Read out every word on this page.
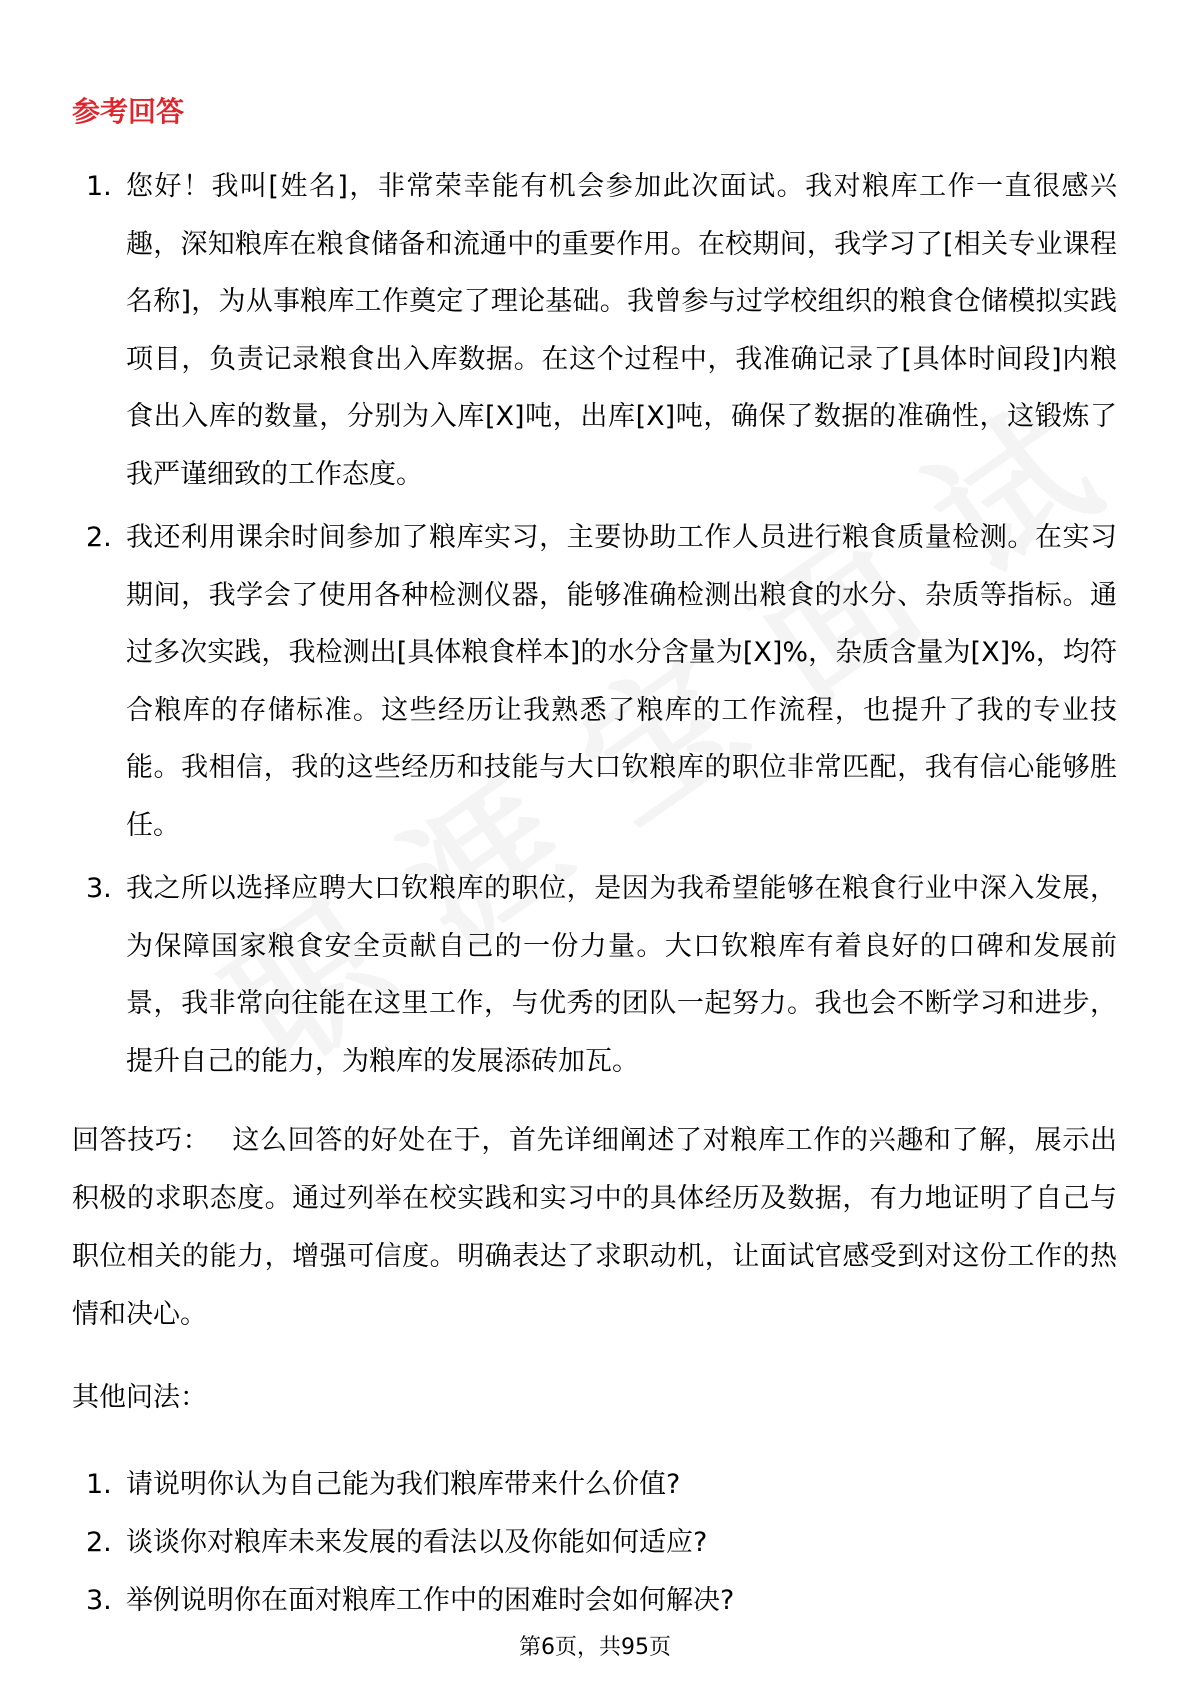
参考回答
1. 您好！我叫[姓名]，非常荣幸能有机会参加此次面试。我对粮库工作一直很感兴趣，深知粮库在粮食储备和流通中的重要作用。在校期间，我学习了[相关专业课程名称]，为从事粮库工作奠定了理论基础。我曾参与过学校组织的粮食仓储模拟实践项目，负责记录粮食出入库数据。在这个过程中，我准确记录了[具体时间段]内粮食出入库的数量，分别为入库[X]吨，出库[X]吨，确保了数据的准确性，这锻炼了我严谨细致的工作态度。
2. 我还利用课余时间参加了粮库实习，主要协助工作人员进行粮食质量检测。在实习期间，我学会了使用各种检测仪器，能够准确检测出粮食的水分、杂质等指标。通过多次实践，我检测出[具体粮食样本]的水分含量为[X]%，杂质含量为[X]%，均符合粮库的存储标准。这些经历让我熟悉了粮库的工作流程，也提升了我的专业技能。我相信，我的这些经历和技能与大口钦粮库的职位非常匹配，我有信心能够胜任。
3. 我之所以选择应聘大口钦粮库的职位，是因为我希望能够在粮食行业中深入发展，为保障国家粮食安全贡献自己的一份力量。大口钦粮库有着良好的口碑和发展前景，我非常向往能在这里工作，与优秀的团队一起努力。我也会不断学习和进步，提升自己的能力，为粮库的发展添砖加瓦。

回答技巧： 这么回答的好处在于，首先详细阐述了对粮库工作的兴趣和了解，展示出积极的求职态度。通过列举在校实践和实习中的具体经历及数据，有力地证明了自己与职位相关的能力，增强可信度。明确表达了求职动机，让面试官感受到对这份工作的热情和决心。

其他问法：
1. 请说明你认为自己能为我们粮库带来什么价值?
2. 谈谈你对粮库未来发展的看法以及你能如何适应?
3. 举例说明你在面对粮库工作中的困难时会如何解决?
第6页，共95页
